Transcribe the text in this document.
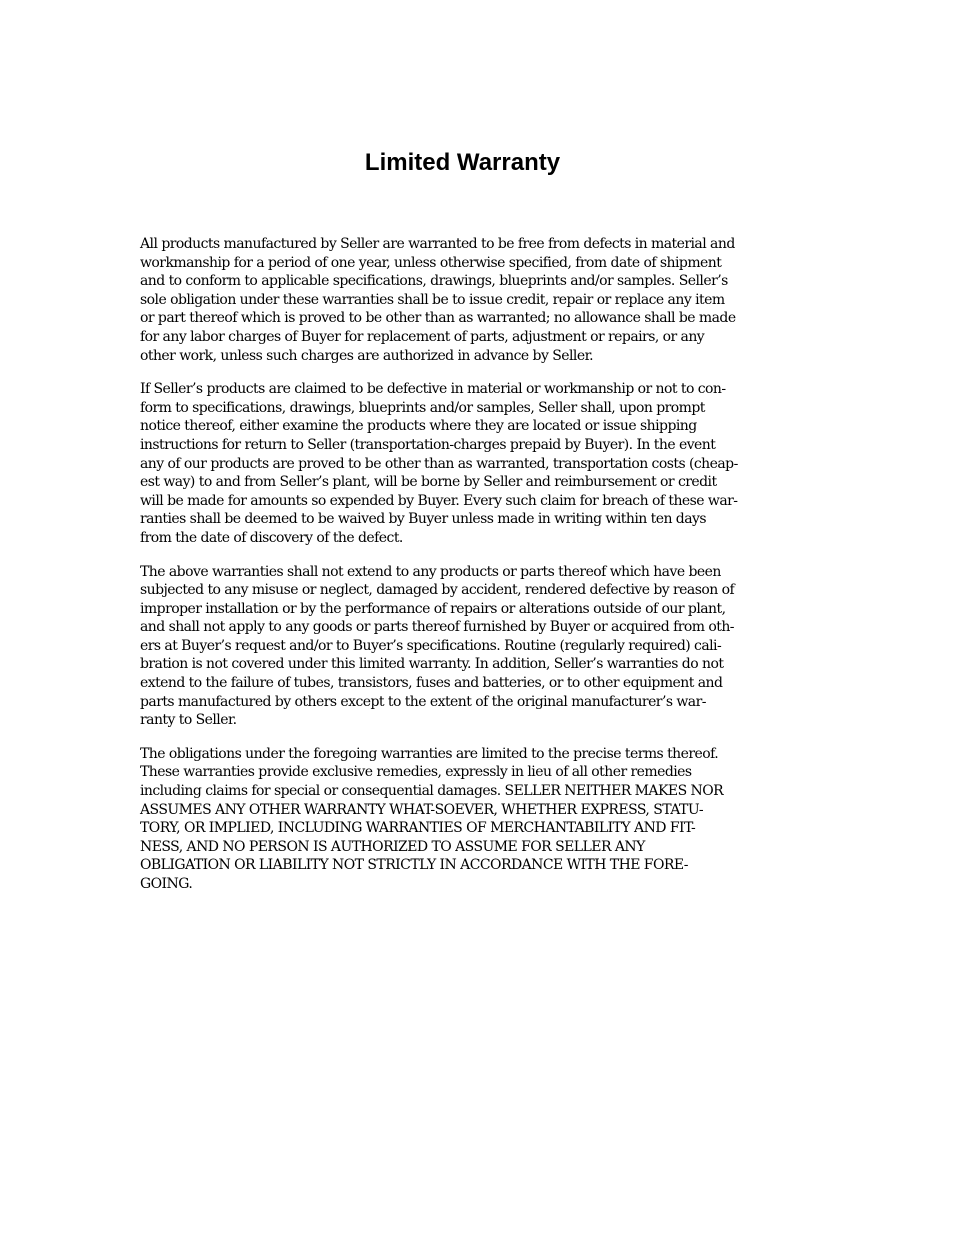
Limited Warranty

All products manufactured by Seller are warranted to be free from defects in material and
workmanship for a period of one year, unless otherwise specified, from date of shipment
and to conform to applicable specifications, drawings, blueprints and/or samples. Seller’s
sole obligation under these warranties shall be to issue credit, repair or replace any item
or part thereof which is proved to be other than as warranted; no allowance shall be made
for any labor charges of Buyer for replacement of parts, adjustment or repairs, or any
other work, unless such charges are authorized in advance by Seller.

If Seller’s products are claimed to be defective in material or workmanship or not to con-
form to specifications, drawings, blueprints and/or samples, Seller shall, upon prompt
notice thereof, either examine the products where they are located or issue shipping
instructions for return to Seller (transportation-charges prepaid by Buyer). In the event
any of our products are proved to be other than as warranted, transportation costs (cheap-
est way) to and from Seller’s plant, will be borne by Seller and reimbursement or credit
will be made for amounts so expended by Buyer. Every such claim for breach of these war-
ranties shall be deemed to be waived by Buyer unless made in writing within ten days
from the date of discovery of the defect.

The above warranties shall not extend to any products or parts thereof which have been
subjected to any misuse or neglect, damaged by accident, rendered defective by reason of
improper installation or by the performance of repairs or alterations outside of our plant,
and shall not apply to any goods or parts thereof furnished by Buyer or acquired from oth-
ers at Buyer’s request and/or to Buyer’s specifications. Routine (regularly required) cali-
bration is not covered under this limited warranty. In addition, Seller’s warranties do not
extend to the failure of tubes, transistors, fuses and batteries, or to other equipment and
parts manufactured by others except to the extent of the original manufacturer’s war-
ranty to Seller.

The obligations under the foregoing warranties are limited to the precise terms thereof.
These warranties provide exclusive remedies, expressly in lieu of all other remedies
including claims for special or consequential damages. SELLER NEITHER MAKES NOR
ASSUMES ANY OTHER WARRANTY WHAT-SOEVER, WHETHER EXPRESS, STATU-
TORY, OR IMPLIED, INCLUDING WARRANTIES OF MERCHANTABILITY AND FIT-
NESS, AND NO PERSON IS AUTHORIZED TO ASSUME FOR SELLER ANY
OBLIGATION OR LIABILITY NOT STRICTLY IN ACCORDANCE WITH THE FORE-
GOING.
